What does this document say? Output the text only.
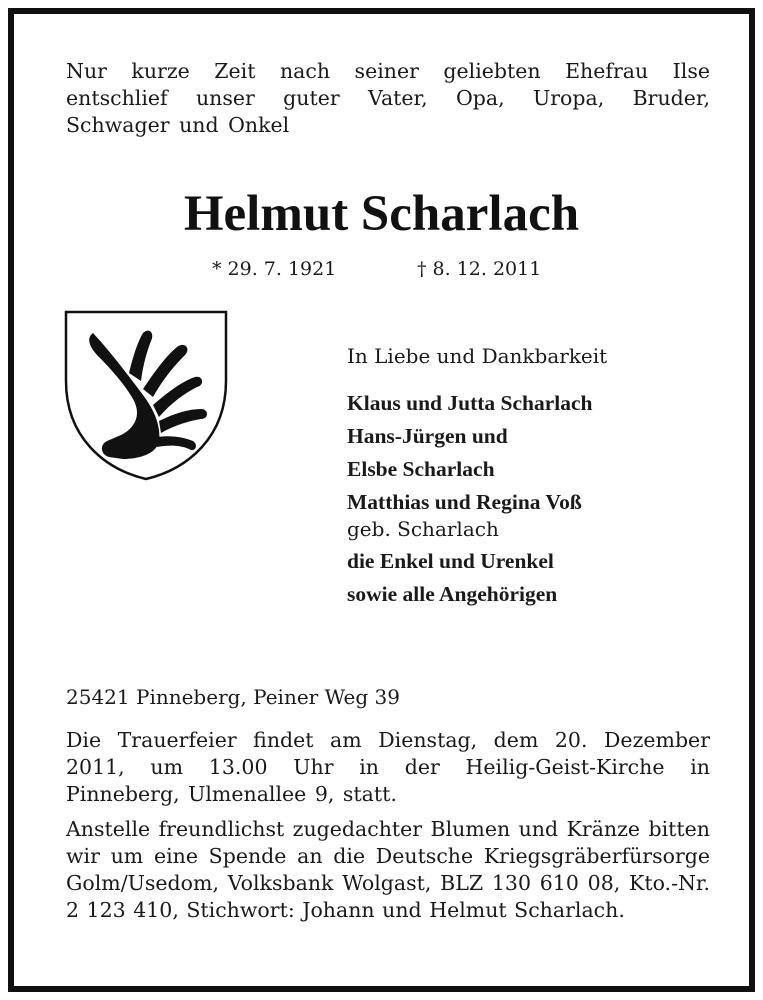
Nur kurze Zeit nach seiner geliebten Ehefrau Ilse entschlief unser guter Vater, Opa, Uropa, Bruder, Schwager und Onkel
Helmut Scharlach
* 29. 7. 1921	† 8. 12. 2011
In Liebe und Dankbarkeit
Klaus und Jutta Scharlach
Hans-Jürgen und
Elsbe Scharlach
Matthias und Regina Voß
geb. Scharlach
die Enkel und Urenkel
sowie alle Angehörigen
25421 Pinneberg, Peiner Weg 39
Die Trauerfeier findet am Dienstag, dem 20. Dezember 2011, um 13.00 Uhr in der Heilig-Geist-Kirche in Pinneberg, Ulmenallee 9, statt.
Anstelle freundlichst zugedachter Blumen und Kränze bitten wir um eine Spende an die Deutsche Kriegsgräberfürsorge Golm/Usedom, Volksbank Wolgast, BLZ 130 610 08, Kto.-Nr. 2 123 410, Stichwort: Johann und Helmut Scharlach.
